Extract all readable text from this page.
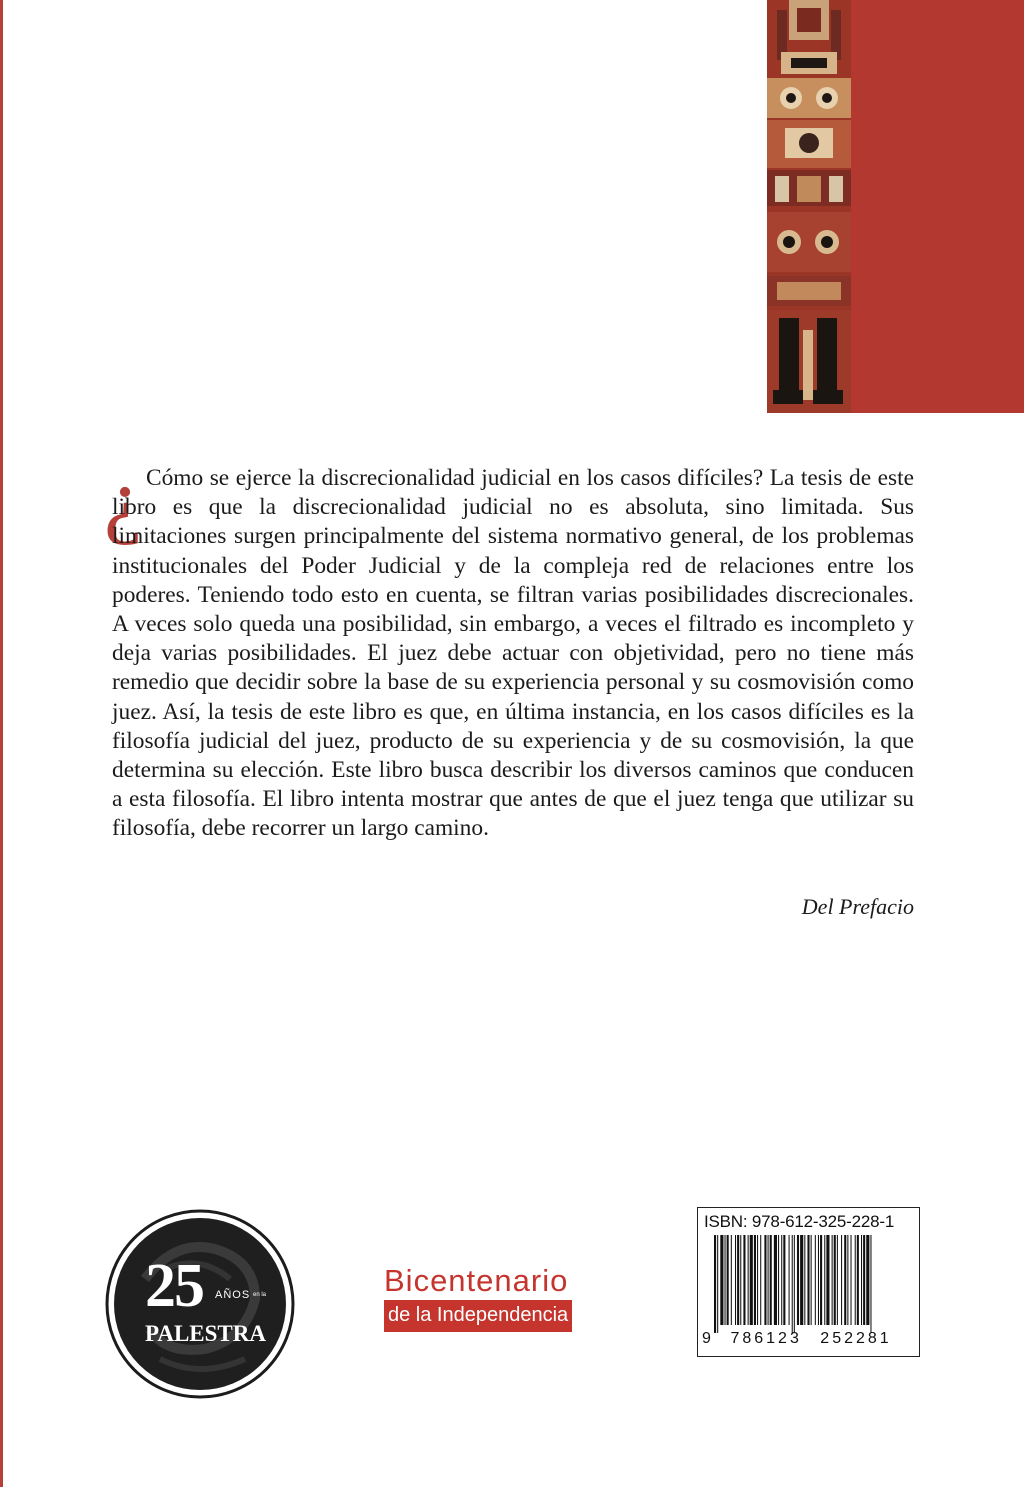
¿ Cómo se ejerce la discrecionalidad judicial en los casos difíciles? La tesis de este libro es que la discrecionalidad judicial no es absoluta, sino limitada. Sus limitaciones surgen principalmente del sistema normativo general, de los problemas institucionales del Poder Judicial y de la compleja red de relaciones entre los poderes. Teniendo todo esto en cuenta, se filtran varias posibilidades discrecionales. A veces solo queda una posibilidad, sin embargo, a veces el filtrado es incompleto y deja varias posibilidades. El juez debe actuar con objetividad, pero no tiene más remedio que decidir sobre la base de su experiencia personal y su cosmovisión como juez. Así, la tesis de este libro es que, en última instancia, en los casos difíciles es la filosofía judicial del juez, producto de su experiencia y de su cosmovisión, la que determina su elección. Este libro busca describir los diversos caminos que conducen a esta filosofía. El libro intenta mostrar que antes de que el juez tenga que utilizar su filosofía, debe recorrer un largo camino.

Del Prefacio
25 AÑOS en la
PALESTRA
Bicentenario
de la Independencia
ISBN: 978-612-325-228-1
9 786123 252281
